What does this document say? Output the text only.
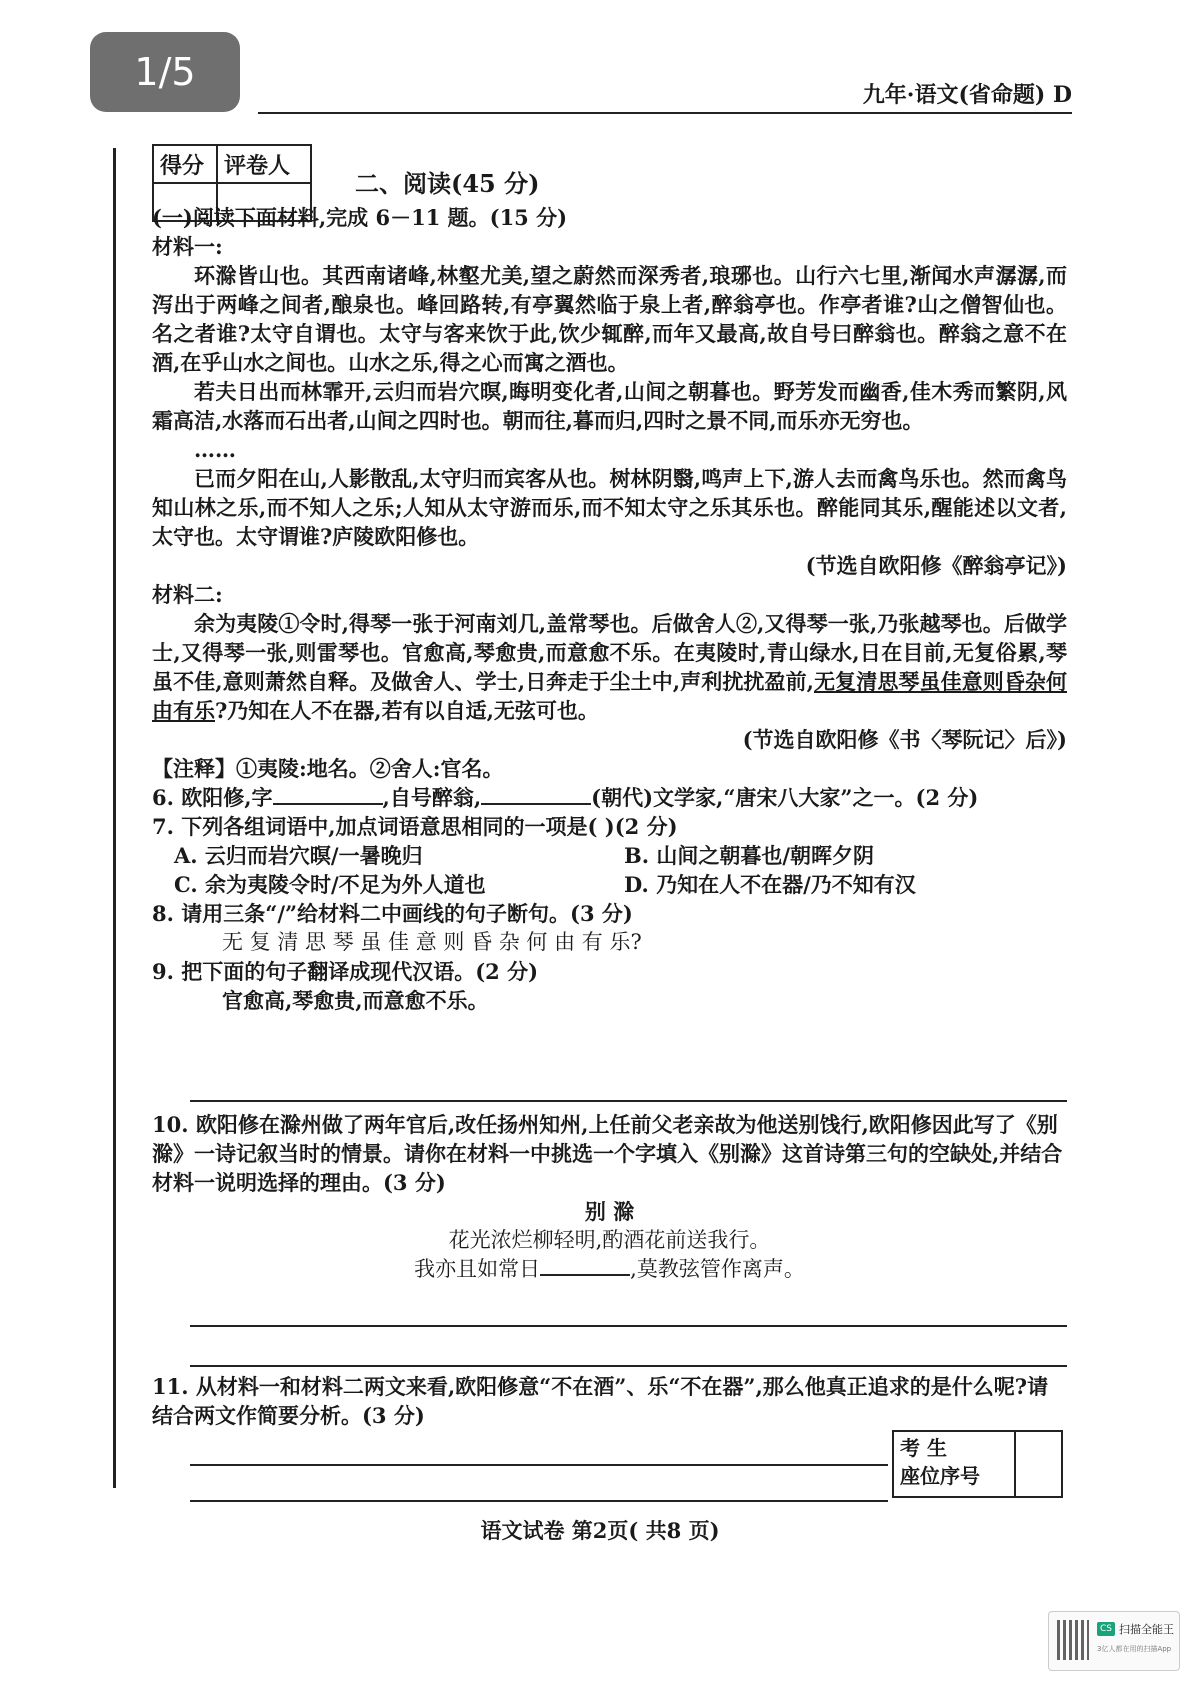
1/5
九年·语文(省命题) D
得分	评卷人

二、阅读(45 分)

(一)阅读下面材料,完成 6－11 题。(15 分)

材料一:

环滁皆山也。其西南诸峰,林壑尤美,望之蔚然而深秀者,琅琊也。山行六七里,渐闻水声潺潺,而泻出于两峰之间者,酿泉也。峰回路转,有亭翼然临于泉上者,醉翁亭也。作亭者谁?山之僧智仙也。名之者谁?太守自谓也。太守与客来饮于此,饮少辄醉,而年又最高,故自号曰醉翁也。醉翁之意不在酒,在乎山水之间也。山水之乐,得之心而寓之酒也。

若夫日出而林霏开,云归而岩穴暝,晦明变化者,山间之朝暮也。野芳发而幽香,佳木秀而繁阴,风霜高洁,水落而石出者,山间之四时也。朝而往,暮而归,四时之景不同,而乐亦无穷也。

……

已而夕阳在山,人影散乱,太守归而宾客从也。树林阴翳,鸣声上下,游人去而禽鸟乐也。然而禽鸟知山林之乐,而不知人之乐;人知从太守游而乐,而不知太守之乐其乐也。醉能同其乐,醒能述以文者,太守也。太守谓谁?庐陵欧阳修也。

(节选自欧阳修《醉翁亭记》)

材料二:

余为夷陵①令时,得琴一张于河南刘几,盖常琴也。后做舍人②,又得琴一张,乃张越琴也。后做学士,又得琴一张,则雷琴也。官愈高,琴愈贵,而意愈不乐。在夷陵时,青山绿水,日在目前,无复俗累,琴虽不佳,意则萧然自释。及做舍人、学士,日奔走于尘土中,声利扰扰盈前,无复清思琴虽佳意则昏杂何由有乐?乃知在人不在器,若有以自适,无弦可也。

(节选自欧阳修《书〈琴阮记〉后》)

【注释】①夷陵:地名。②舍人:官名。

6. 欧阳修,字	,自号醉翁,	(朝代)文学家,“唐宋八大家”之一。(2 分)

7. 下列各组词语中,加点词语意思相同的一项是( )(2 分)

A. 云归而岩穴暝/一暑晚归	B. 山间之朝暮也/朝晖夕阴

C. 余为夷陵令时/不足为外人道也	D. 乃知在人不在器/乃不知有汉

8. 请用三条“/”给材料二中画线的句子断句。(3 分)

无 复 清 思 琴 虽 佳 意 则 昏 杂 何 由 有 乐?

9. 把下面的句子翻译成现代汉语。(2 分)

官愈高,琴愈贵,而意愈不乐。

10. 欧阳修在滁州做了两年官后,改任扬州知州,上任前父老亲故为他送别饯行,欧阳修因此写了《别滁》一诗记叙当时的情景。请你在材料一中挑选一个字填入《别滁》这首诗第三句的空缺处,并结合材料一说明选择的理由。(3 分)

别 滁

花光浓烂柳轻明,酌酒花前送我行。

我亦且如常日	,莫教弦管作离声。

11. 从材料一和材料二两文来看,欧阳修意“不在酒”、乐“不在器”,那么他真正追求的是什么呢?请结合两文作简要分析。(3 分)

考 生
座位序号
语文试卷 第2页( 共8 页)
CS 扫描全能王
3亿人都在用的扫描App
